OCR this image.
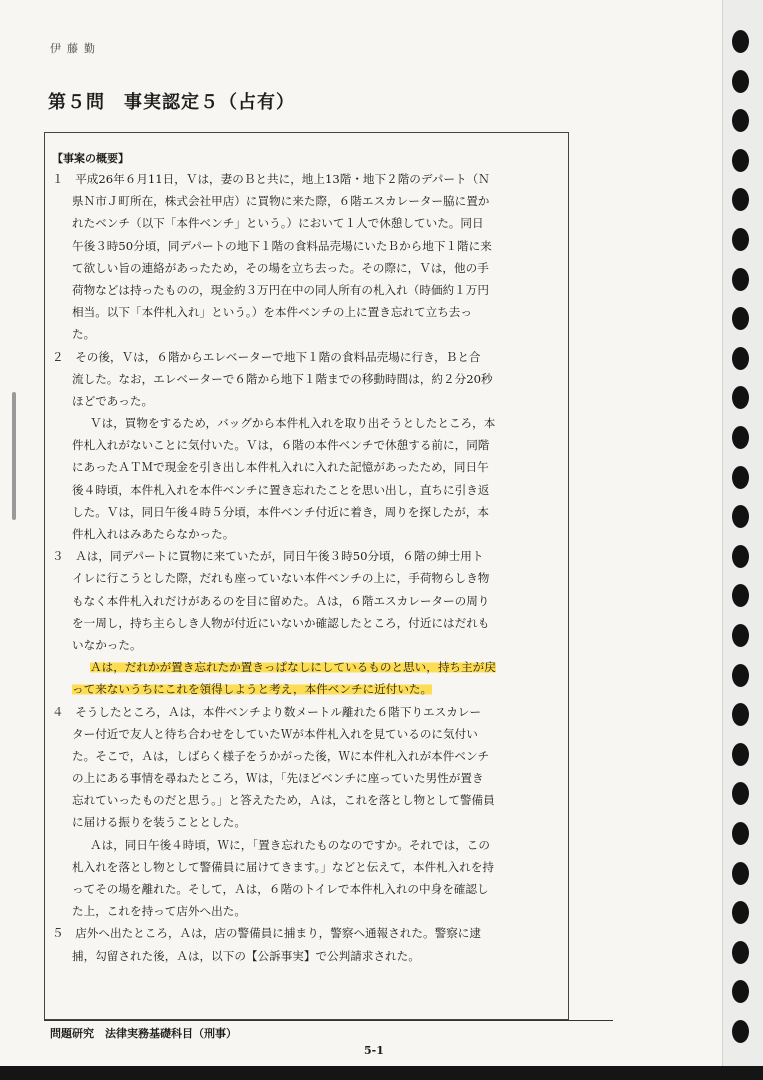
伊藤勤
第５問　事実認定５（占有）
【事案の概要】
１　平成26年６月11日，Ｖは，妻のＢと共に，地上13階・地下２階のデパート（Ｎ
県Ｎ市Ｊ町所在，株式会社甲店）に買物に来た際，６階エスカレーター脇に置か
れたベンチ（以下「本件ベンチ」という。）において１人で休憩していた。同日
午後３時50分頃，同デパートの地下１階の食料品売場にいたＢから地下１階に来
て欲しい旨の連絡があったため，その場を立ち去った。その際に，Ｖは，他の手
荷物などは持ったものの，現金約３万円在中の同人所有の札入れ（時価約１万円
相当。以下「本件札入れ」という。）を本件ベンチの上に置き忘れて立ち去っ
た。
２　その後，Ｖは，６階からエレベーターで地下１階の食料品売場に行き，Ｂと合
流した。なお，エレベーターで６階から地下１階までの移動時間は，約２分20秒
ほどであった。
Ｖは，買物をするため，バッグから本件札入れを取り出そうとしたところ，本
件札入れがないことに気付いた。Ｖは，６階の本件ベンチで休憩する前に，同階
にあったＡＴＭで現金を引き出し本件札入れに入れた記憶があったため，同日午
後４時頃，本件札入れを本件ベンチに置き忘れたことを思い出し，直ちに引き返
した。Ｖは，同日午後４時５分頃，本件ベンチ付近に着き，周りを探したが，本
件札入れはみあたらなかった。
３　Ａは，同デパートに買物に来ていたが，同日午後３時50分頃，６階の紳士用ト
イレに行こうとした際，だれも座っていない本件ベンチの上に，手荷物らしき物
もなく本件札入れだけがあるのを目に留めた。Ａは，６階エスカレーターの周り
を一周し，持ち主らしき人物が付近にいないか確認したところ，付近にはだれも
いなかった。
Ａは，だれかが置き忘れたか置きっぱなしにしているものと思い，持ち主が戻
って来ないうちにこれを領得しようと考え，本件ベンチに近付いた。
４　そうしたところ，Ａは，本件ベンチより数メートル離れた６階下りエスカレー
ター付近で友人と待ち合わせをしていたＷが本件札入れを見ているのに気付い
た。そこで，Ａは，しばらく様子をうかがった後，Ｗに本件札入れが本件ベンチ
の上にある事情を尋ねたところ，Ｗは，「先ほどベンチに座っていた男性が置き
忘れていったものだと思う。」と答えたため，Ａは，これを落とし物として警備員
に届ける振りを装うこととした。
Ａは，同日午後４時頃，Ｗに，「置き忘れたものなのですか。それでは，この
札入れを落とし物として警備員に届けてきます。」などと伝えて，本件札入れを持
ってその場を離れた。そして，Ａは，６階のトイレで本件札入れの中身を確認し
た上，これを持って店外へ出た。
５　店外へ出たところ，Ａは，店の警備員に捕まり，警察へ通報された。警察に逮
捕，勾留された後，Ａは，以下の【公訴事実】で公判請求された。
問題研究　法律実務基礎科目（刑事）
5-1
